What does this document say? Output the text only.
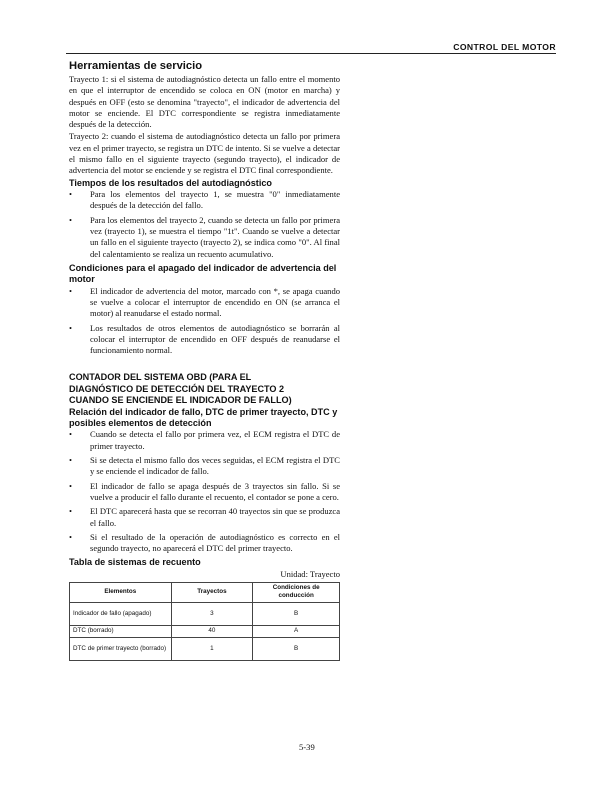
CONTROL DEL MOTOR
Herramientas de servicio

Trayecto 1: si el sistema de autodiagnóstico detecta un fallo entre el momento en que el interruptor de encendido se coloca en ON (motor en marcha) y después en OFF (esto se denomina "trayecto", el indicador de advertencia del motor se enciende. El DTC correspondiente se registra inmediatamente después de la detección.

Trayecto 2: cuando el sistema de autodiagnóstico detecta un fallo por primera vez en el primer trayecto, se registra un DTC de intento. Si se vuelve a detectar el mismo fallo en el siguiente trayecto (segundo trayecto), el indicador de advertencia del motor se enciende y se registra el DTC final correspondiente.

Tiempos de los resultados del autodiagnóstico
•	Para los elementos del trayecto 1, se muestra "0" inmediatamente después de la detección del fallo.
•	Para los elementos del trayecto 2, cuando se detecta un fallo por primera vez (trayecto 1), se muestra el tiempo "1t". Cuando se vuelve a detectar un fallo en el siguiente trayecto (trayecto 2), se indica como "0". Al final del calentamiento se realiza un recuento acumulativo.
Condiciones para el apagado del indicador de advertencia del motor
•	El indicador de advertencia del motor, marcado con *, se apaga cuando se vuelve a colocar el interruptor de encendido en ON (se arranca el motor) al reanudarse el estado normal.
•	Los resultados de otros elementos de autodiagnóstico se borrarán al colocar el interruptor de encendido en OFF después de reanudarse el funcionamiento normal.
CONTADOR DEL SISTEMA OBD (PARA EL
DIAGNÓSTICO DE DETECCIÓN DEL TRAYECTO 2
CUANDO SE ENCIENDE EL INDICADOR DE FALLO)
Relación del indicador de fallo, DTC de primer trayecto, DTC y posibles elementos de detección
•	Cuando se detecta el fallo por primera vez, el ECM registra el DTC de primer trayecto.
•	Si se detecta el mismo fallo dos veces seguidas, el ECM registra el DTC y se enciende el indicador de fallo.
•	El indicador de fallo se apaga después de 3 trayectos sin fallo. Si se vuelve a producir el fallo durante el recuento, el contador se pone a cero.
•	El DTC aparecerá hasta que se recorran 40 trayectos sin que se produzca el fallo.
•	Si el resultado de la operación de autodiagnóstico es correcto en el segundo trayecto, no aparecerá el DTC del primer trayecto.
Tabla de sistemas de recuento

Unidad: Trayecto

Elementos	Trayectos	Condiciones de conducción
Indicador de fallo (apagado)	3	B
DTC (borrado)	40	A
DTC de primer trayecto (borrado)	1	B
5-39
